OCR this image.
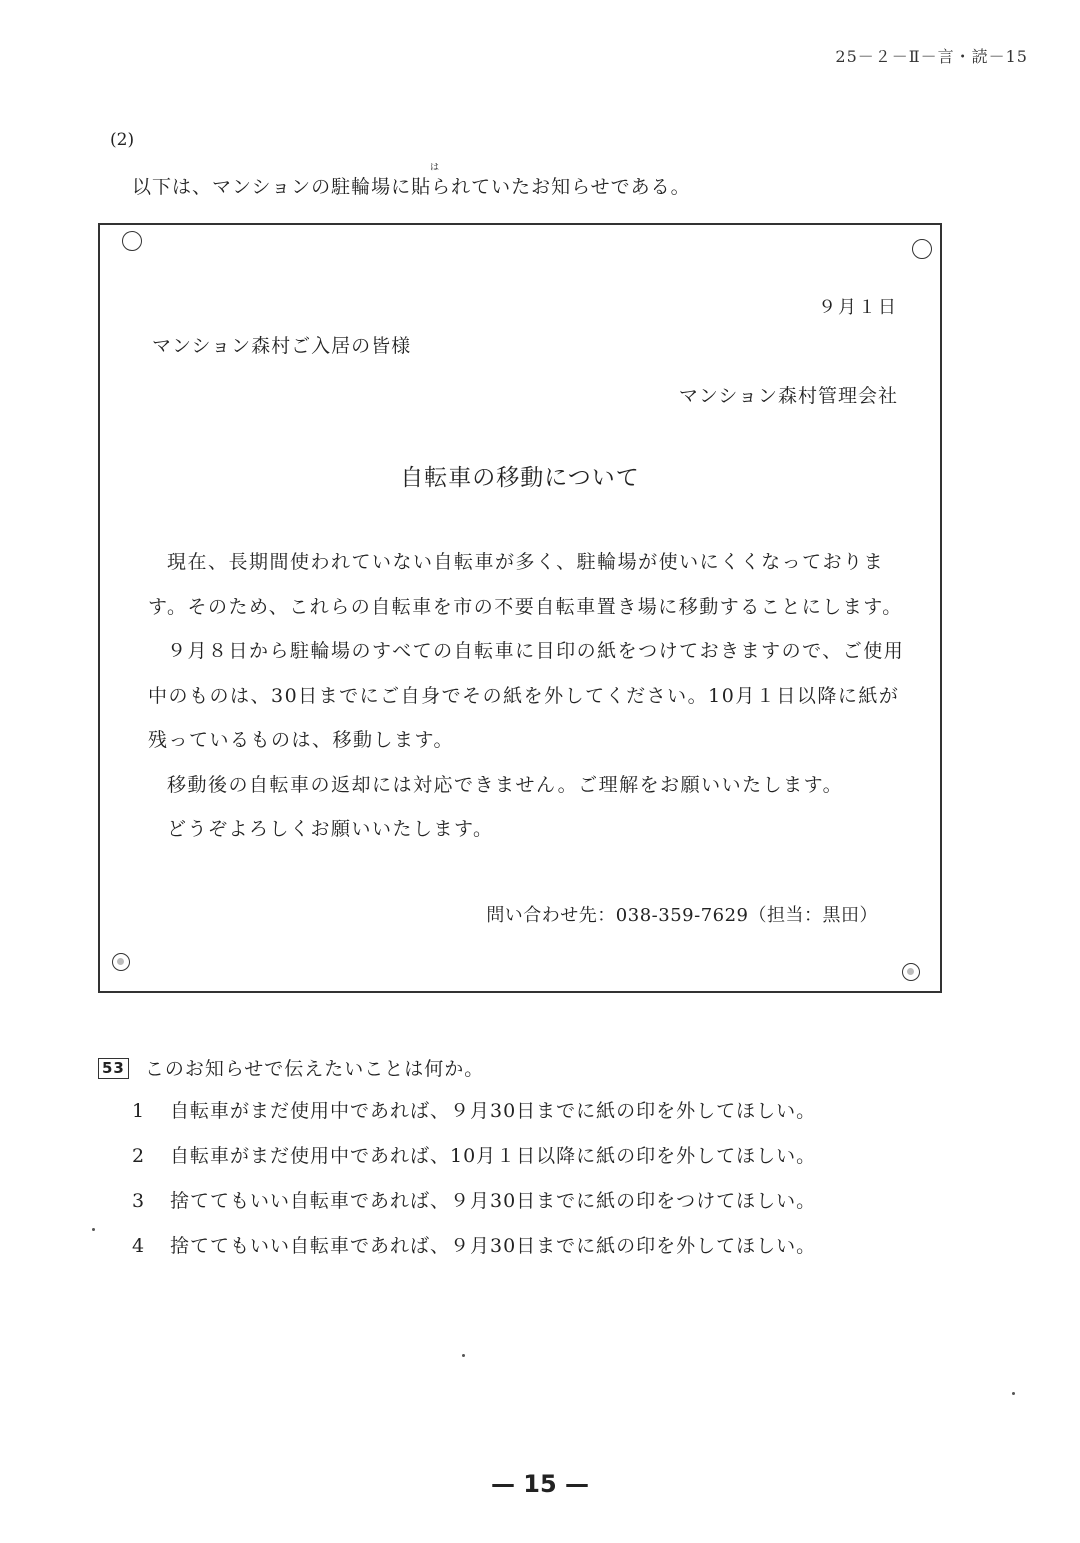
25－２－Ⅱ－言・読－15
(2)
以下は、マンションの駐輪場に貼られていたお知らせである。
は
９月１日
マンション森村ご入居の皆様
マンション森村管理会社
自転車の移動について

現在、長期間使われていない自転車が多く、駐輪場が使いにくくなっております。そのため、これらの自転車を市の不要自転車置き場に移動することにします。

９月８日から駐輪場のすべての自転車に目印の紙をつけておきますので、ご使用中のものは、30日までにご自身でその紙を外してください。10月１日以降に紙が残っているものは、移動します。

移動後の自転車の返却には対応できません。ご理解をお願いいたします。

どうぞよろしくお願いいたします。

問い合わせ先：038-359-7629（担当：黒田）
53 このお知らせで伝えたいことは何か。
1 自転車がまだ使用中であれば、９月30日までに紙の印を外してほしい。
2 自転車がまだ使用中であれば、10月１日以降に紙の印を外してほしい。
3 捨ててもいい自転車であれば、９月30日までに紙の印をつけてほしい。
4 捨ててもいい自転車であれば、９月30日までに紙の印を外してほしい。
— 15 —
